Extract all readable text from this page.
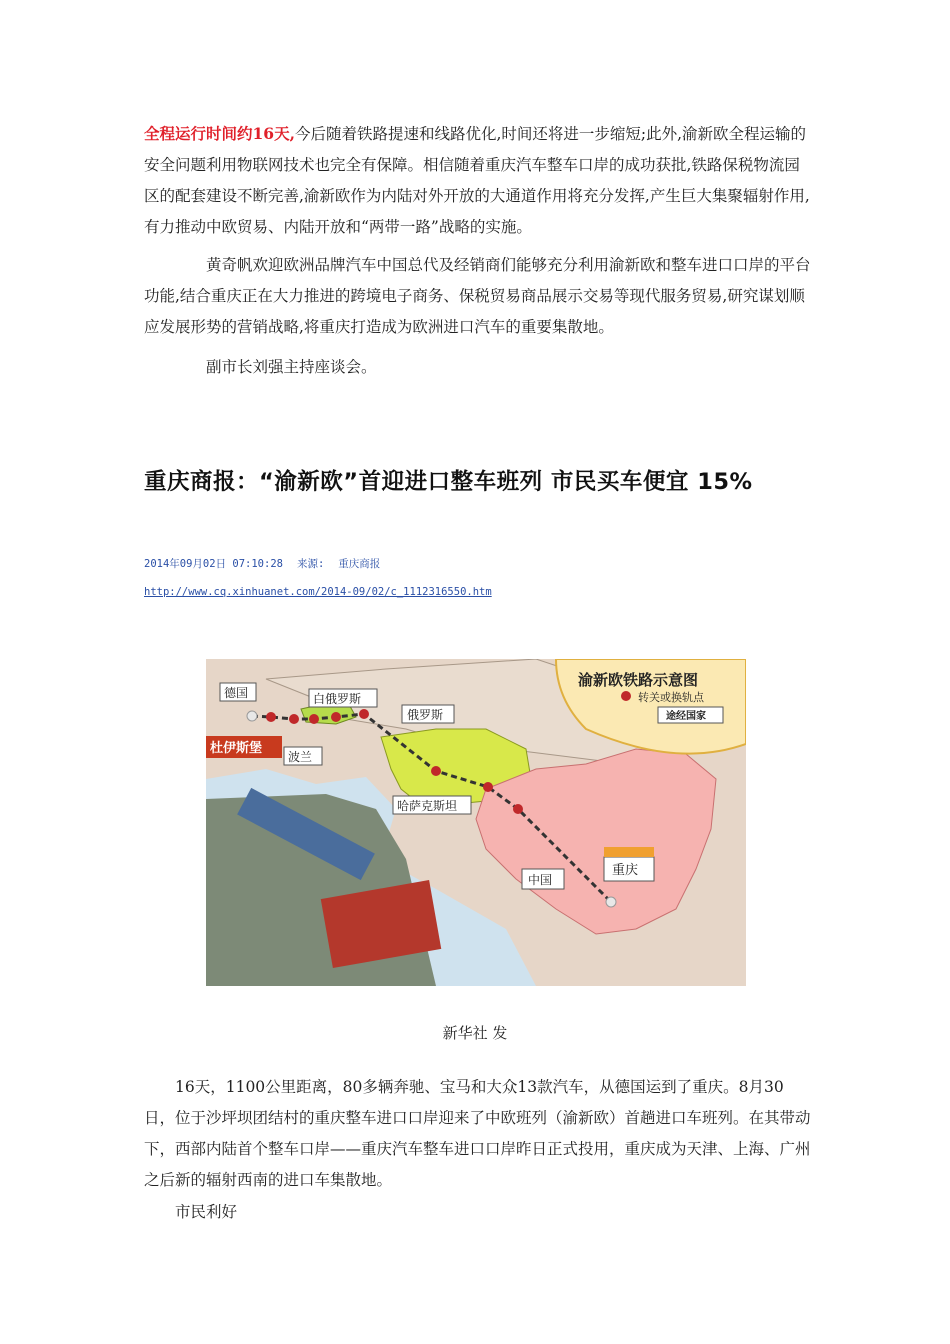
全程运行时间约16天,今后随着铁路提速和线路优化,时间还将进一步缩短;此外,渝新欧全程运输的安全问题利用物联网技术也完全有保障。相信随着重庆汽车整车口岸的成功获批,铁路保税物流园区的配套建设不断完善,渝新欧作为内陆对外开放的大通道作用将充分发挥,产生巨大集聚辐射作用,有力推动中欧贸易、内陆开放和“两带一路”战略的实施。

黄奇帆欢迎欧洲品牌汽车中国总代及经销商们能够充分利用渝新欧和整车进口口岸的平台功能,结合重庆正在大力推进的跨境电子商务、保税贸易商品展示交易等现代服务贸易,研究谋划顺应发展形势的营销战略,将重庆打造成为欧洲进口汽车的重要集散地。

副市长刘强主持座谈会。

重庆商报：“渝新欧”首迎进口整车班列 市民买车便宜 15%
2014年09月02日 07:10:28 来源: 重庆商报
http://www.cq.xinhuanet.com/2014-09/02/c_1112316550.htm
渝新欧铁路示意图
转关或换轨点
途经国家
德国	白俄罗斯
俄罗斯
波兰
杜伊斯堡
哈萨克斯坦
中国
重庆
新华社 发

16天，1100公里距离，80多辆奔驰、宝马和大众13款汽车，从德国运到了重庆。8月30日，位于沙坪坝团结村的重庆整车进口口岸迎来了中欧班列（渝新欧）首趟进口车班列。在其带动下，西部内陆首个整车口岸——重庆汽车整车进口口岸昨日正式投用，重庆成为天津、上海、广州之后新的辐射西南的进口车集散地。

市民利好
